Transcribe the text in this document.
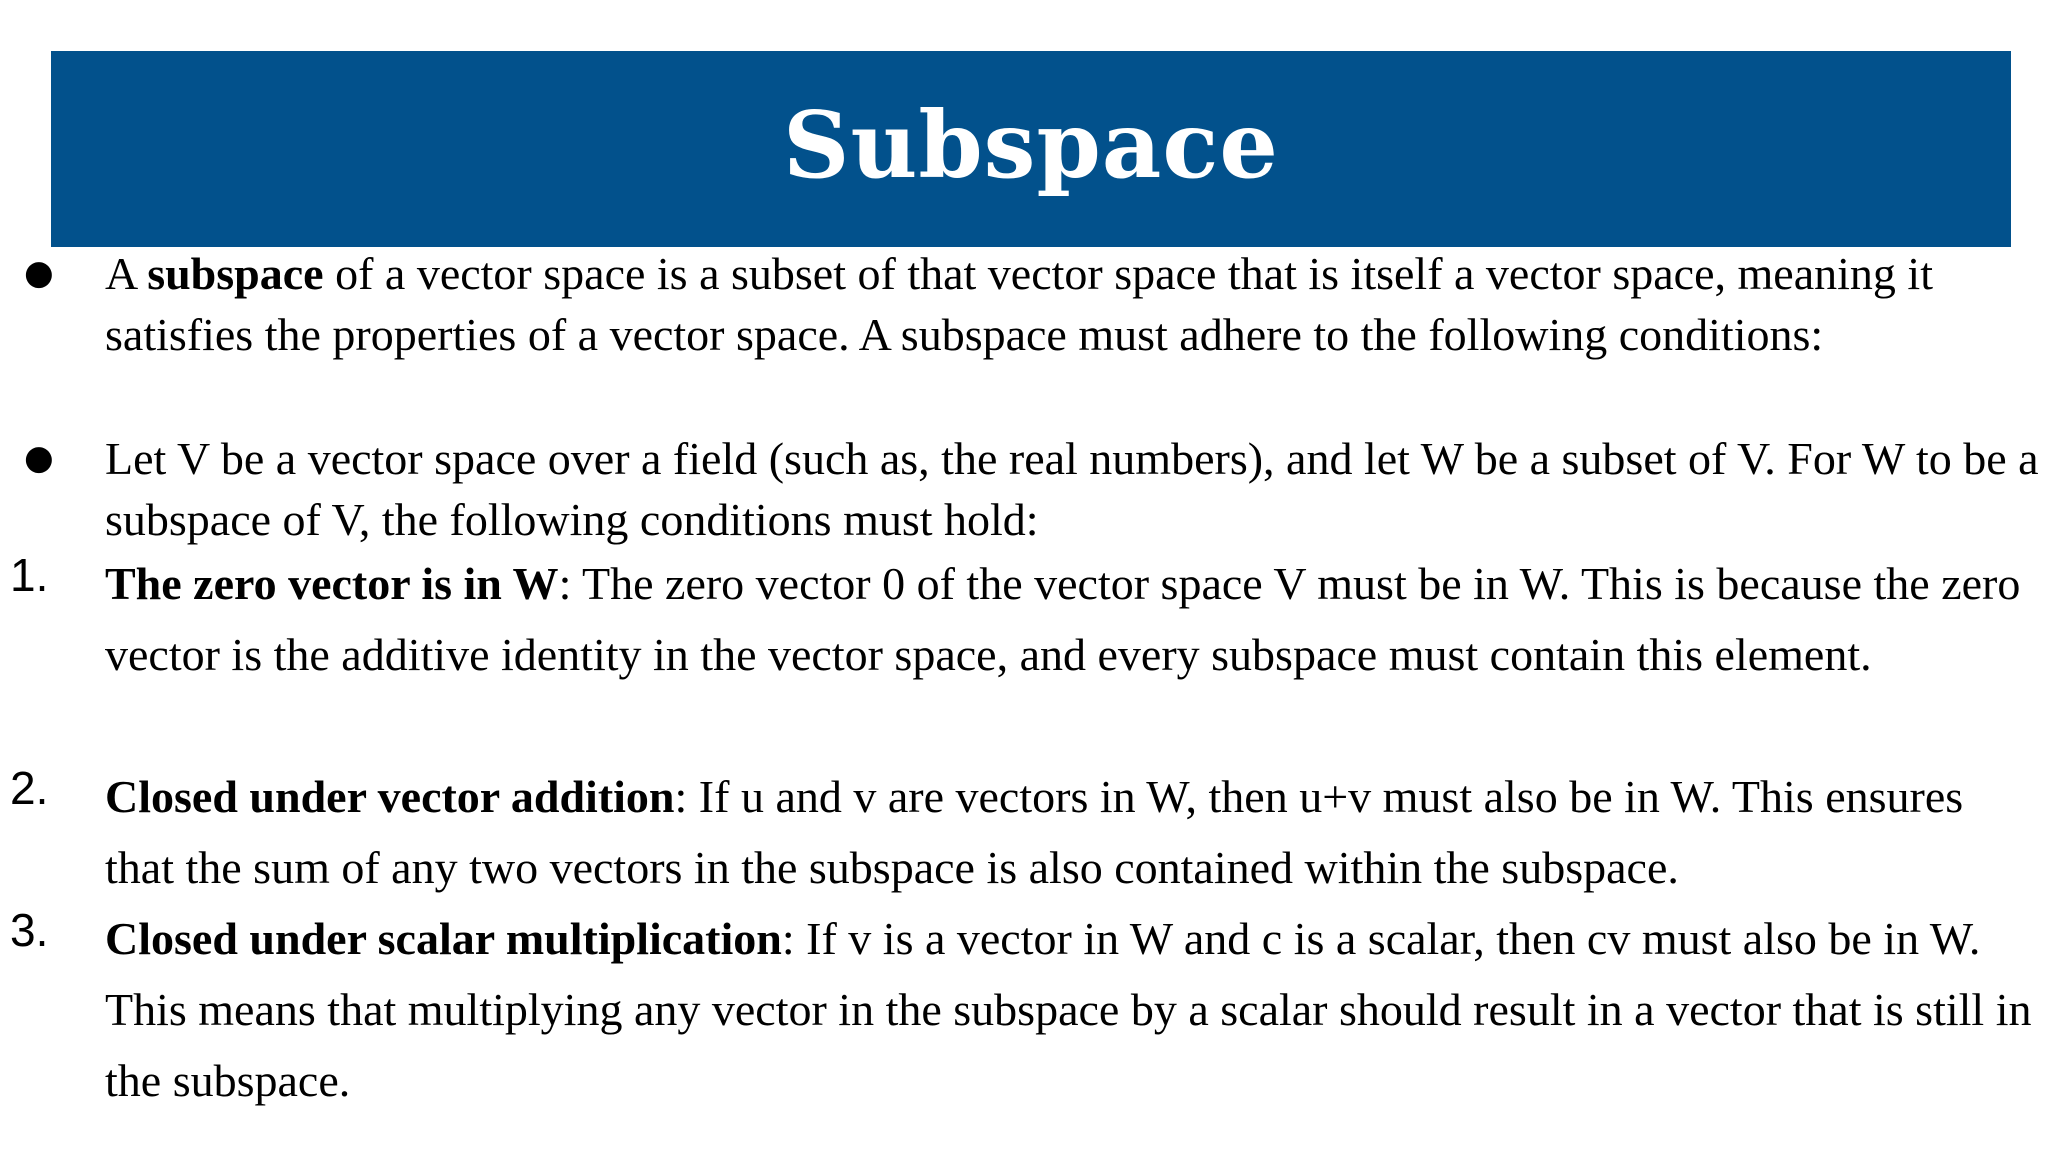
Subspace
● A subspace of a vector space is a subset of that vector space that is itself a vector space, meaning it satisfies the properties of a vector space. A subspace must adhere to the following conditions:

● Let V be a vector space over a field (such as, the real numbers), and let W be a subset of V. For W to be a subspace of V, the following conditions must hold:

1. The zero vector is in W: The zero vector 0 of the vector space V must be in W. This is because the zero vector is the additive identity in the vector space, and every subspace must contain this element.

2. Closed under vector addition: If u and v are vectors in W, then u+v must also be in W. This ensures that the sum of any two vectors in the subspace is also contained within the subspace.

3. Closed under scalar multiplication: If v is a vector in W and c is a scalar, then cv must also be in W. This means that multiplying any vector in the subspace by a scalar should result in a vector that is still in the subspace.
